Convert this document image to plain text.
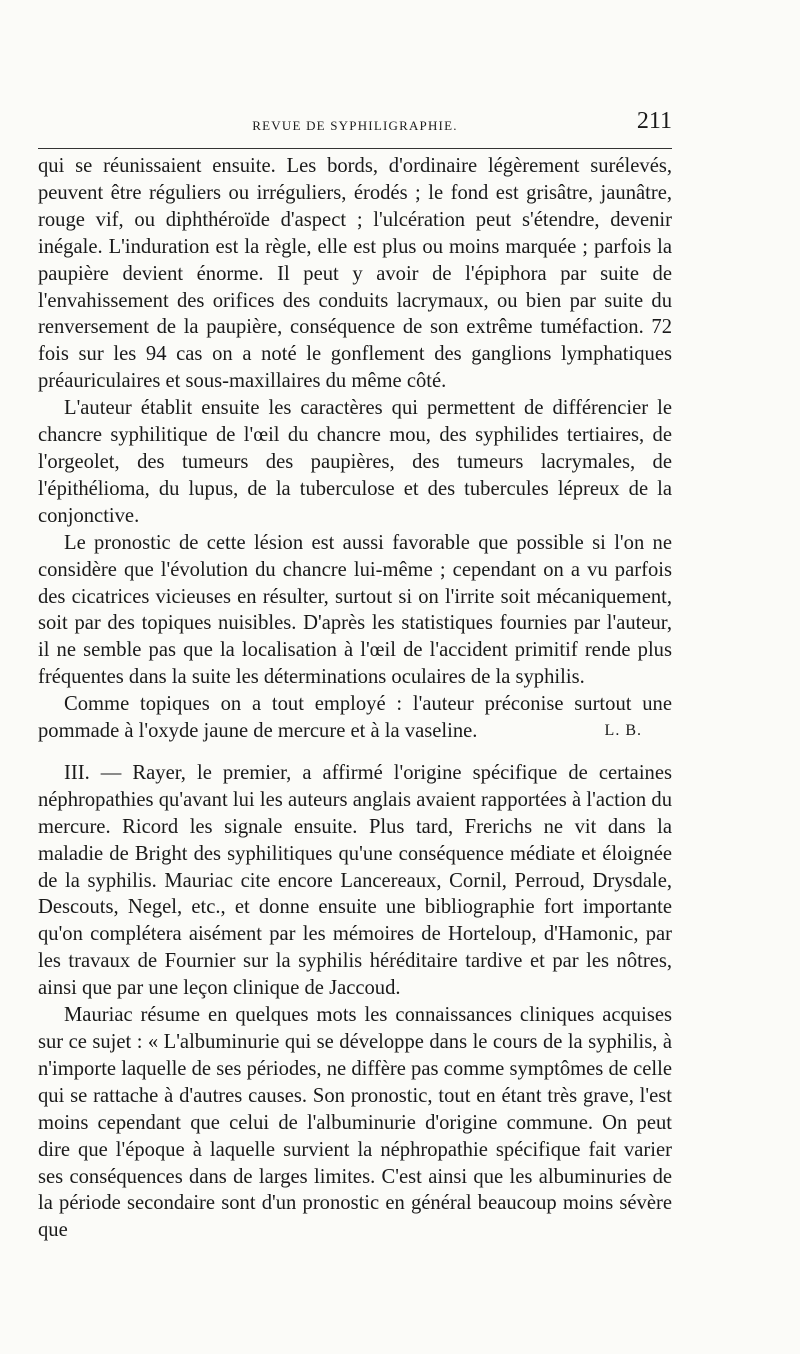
REVUE DE SYPHILIGRAPHIE.	211

qui se réunissaient ensuite. Les bords, d'ordinaire légèrement surélevés, peuvent être réguliers ou irréguliers, érodés ; le fond est grisâtre, jaunâtre, rouge vif, ou diphthéroïde d'aspect ; l'ulcération peut s'étendre, devenir inégale. L'induration est la règle, elle est plus ou moins marquée ; parfois la paupière devient énorme. Il peut y avoir de l'épiphora par suite de l'envahissement des orifices des conduits lacrymaux, ou bien par suite du renversement de la paupière, conséquence de son extrême tuméfaction. 72 fois sur les 94 cas on a noté le gonflement des ganglions lymphatiques préauriculaires et sous-maxillaires du même côté.

L'auteur établit ensuite les caractères qui permettent de différencier le chancre syphilitique de l'œil du chancre mou, des syphilides tertiaires, de l'orgeolet, des tumeurs des paupières, des tumeurs lacrymales, de l'épithélioma, du lupus, de la tuberculose et des tubercules lépreux de la conjonctive.

Le pronostic de cette lésion est aussi favorable que possible si l'on ne considère que l'évolution du chancre lui-même ; cependant on a vu parfois des cicatrices vicieuses en résulter, surtout si on l'irrite soit mécaniquement, soit par des topiques nuisibles. D'après les statistiques fournies par l'auteur, il ne semble pas que la localisation à l'œil de l'accident primitif rende plus fréquentes dans la suite les déterminations oculaires de la syphilis.

Comme topiques on a tout employé : l'auteur préconise surtout une pommade à l'oxyde jaune de mercure et à la vaseline.	L. B.

III. — Rayer, le premier, a affirmé l'origine spécifique de certaines néphropathies qu'avant lui les auteurs anglais avaient rapportées à l'action du mercure. Ricord les signale ensuite. Plus tard, Frerichs ne vit dans la maladie de Bright des syphilitiques qu'une conséquence médiate et éloignée de la syphilis. Mauriac cite encore Lancereaux, Cornil, Perroud, Drysdale, Descouts, Negel, etc., et donne ensuite une bibliographie fort importante qu'on complétera aisément par les mémoires de Horteloup, d'Hamonic, par les travaux de Fournier sur la syphilis héréditaire tardive et par les nôtres, ainsi que par une leçon clinique de Jaccoud.

Mauriac résume en quelques mots les connaissances cliniques acquises sur ce sujet : « L'albuminurie qui se développe dans le cours de la syphilis, à n'importe laquelle de ses périodes, ne diffère pas comme symptômes de celle qui se rattache à d'autres causes. Son pronostic, tout en étant très grave, l'est moins cependant que celui de l'albuminurie d'origine commune. On peut dire que l'époque à laquelle survient la néphropathie spécifique fait varier ses conséquences dans de larges limites. C'est ainsi que les albuminuries de la période secondaire sont d'un pronostic en général beaucoup moins sévère que
